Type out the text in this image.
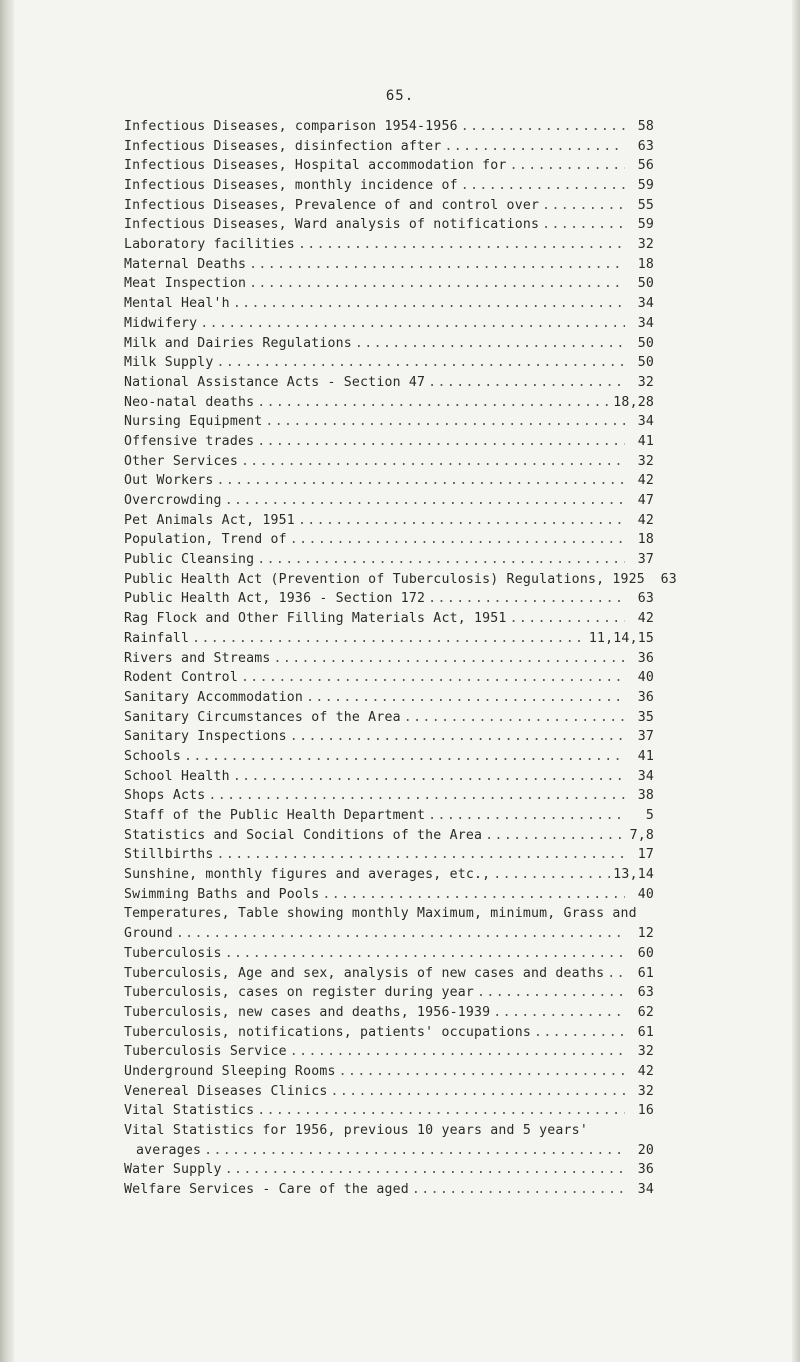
65.
Infectious Diseases, comparison 1954-1956 .....	58
Infectious Diseases, disinfection after .....	63
Infectious Diseases, Hospital accommodation for .....	56
Infectious Diseases, monthly incidence of .....	59
Infectious Diseases, Prevalence of and control over .....	55
Infectious Diseases, Ward analysis of notifications .....	59
Laboratory facilities .....	32
Maternal Deaths .....	18
Meat Inspection .....	50
Mental Heal'h .....	34
Midwifery .....	34
Milk and Dairies Regulations .....	50
Milk Supply .....	50
National Assistance Acts - Section 47 .....	32
Neo-natal deaths .....	18,28
Nursing Equipment .....	34
Offensive trades .....	41
Other Services .....	32
Out Workers .....	42
Overcrowding .....	47
Pet Animals Act, 1951 .....	42
Population, Trend of .....	18
Public Cleansing .....	37
Public Health Act (Prevention of Tuberculosis) Regulations, 1925	63
Public Health Act, 1936 - Section 172 .....	63
Rag Flock and Other Filling Materials Act, 1951 .....	42
Rainfall .....	11,14,15
Rivers and Streams .....	36
Rodent Control .....	40
Sanitary Accommodation .....	36
Sanitary Circumstances of the Area .....	35
Sanitary Inspections .....	37
Schools .....	41
School Health .....	34
Shops Acts .....	38
Staff of the Public Health Department .....	5
Statistics and Social Conditions of the Area .....	7,8
Stillbirths .....	17
Sunshine, monthly figures and averages, etc., .....	13,14
Swimming Baths and Pools .....	40
Temperatures, Table showing monthly Maximum, minimum, Grass and
Ground .....	12
Tuberculosis .....	60
Tuberculosis, Age and sex, analysis of new cases and deaths .....	61
Tuberculosis, cases on register during year .....	63
Tuberculosis, new cases and deaths, 1956-1939 .....	62
Tuberculosis, notifications, patients' occupations .....	61
Tuberculosis Service .....	32
Underground Sleeping Rooms .....	42
Venereal Diseases Clinics .....	32
Vital Statistics .....	16
Vital Statistics for 1956, previous 10 years and 5 years'
averages .....	20
Water Supply .....	36
Welfare Services - Care of the aged .....	34
